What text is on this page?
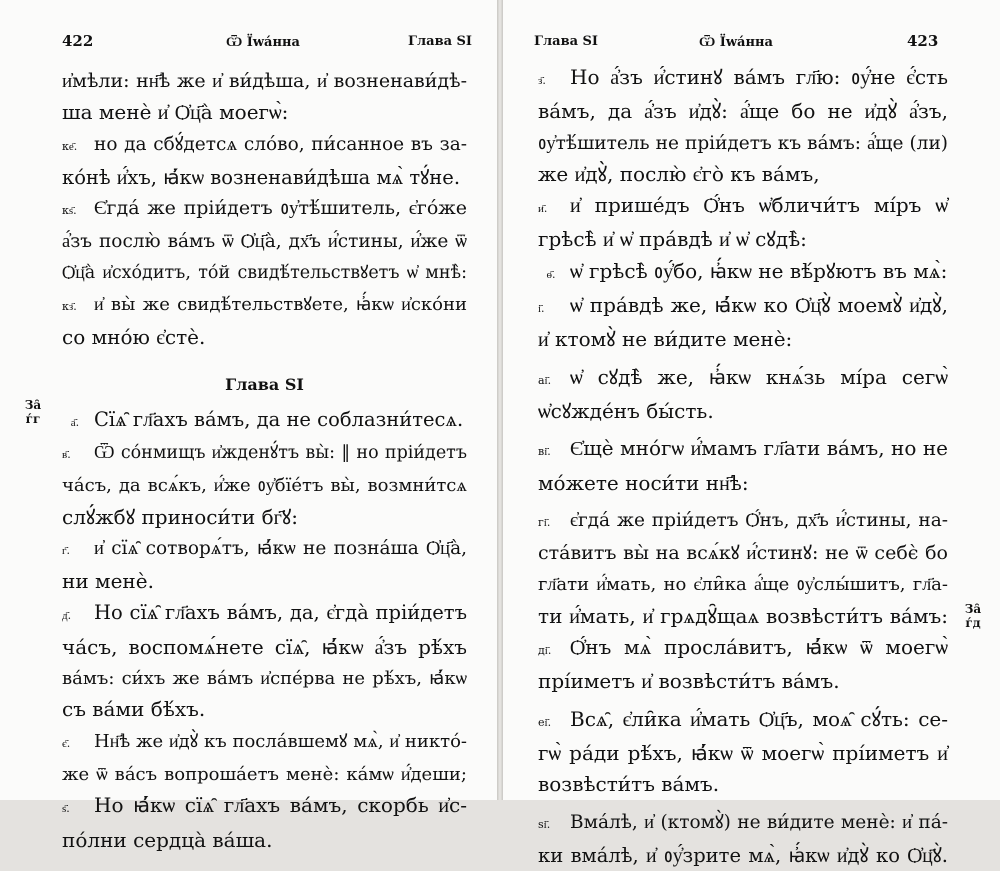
422	Ѿ Їwа́нна	Глава ЅІ
За̑
ѓг
и҆мѣли: нн҃ѣ же и҆ ви́дѣша, и҆ возненави́дѣ-
ша менѐ и҆ Ѻ҆ц҃а̀ моегѡ̀:
ке҃. но да сбꙋ́детсѧ сло́во, пи́санное въ за-
ко́нѣ и҆́хъ, ꙗ҆́кѡ возненави́дѣша мѧ̀ тꙋ́не.
кѕ҃. Є҆гда́ же пріи́детъ ᲂу҆тѣ́шитель, є҆го́же
а҆́зъ послю̀ ва́мъ ѿ Ѻ҆ц҃а̀, дх҃ъ и҆́стины, и҆́же ѿ
Ѻ҆ц҃а̀ и҆схо́дитъ, то́й свидѣ́тельствꙋетъ ѡ҆ мнѣ̀:
кз҃. и҆ вы̀ же свидѣ́тельствꙋете, ꙗ҆́кѡ и҆ско́ни
со мно́ю є҆стѐ.
Глава ЅІ
а҃. Сїѧ̑ гл҃ахъ ва́мъ, да не соблазни́тесѧ.
в҃. Ѿ со́нмищъ и҆жденꙋ́тъ вы̀: ‖ но пріи́детъ
ча́съ, да всѧ́къ, и҆́же ᲂу҆бїе́тъ вы̀, возмни́тсѧ
слꙋ́жбꙋ приноси́ти бг҃ꙋ:
г҃. и҆ сїѧ̑ сотворѧ́тъ, ꙗ҆́кѡ не позна́ша Ѻ҆ц҃а̀,
ни менѐ.
д҃. Но сїѧ̑ гл҃ахъ ва́мъ, да, є҆гда̀ пріи́детъ
ча́съ, воспомѧ́нете сїѧ̑, ꙗ҆́кѡ а҆́зъ рѣ́хъ
ва́мъ: си́хъ же ва́мъ и҆спе́рва не рѣ́хъ, ꙗ҆́кѡ
съ ва́ми бѣ́хъ.
є҃. Нн҃ѣ же и҆дꙋ̀ къ посла́вшемꙋ мѧ̀, и҆ никто́-
же ѿ ва́съ вопроша́етъ менѐ: ка́мѡ и҆́деши;
ѕ҃. Но ꙗ҆́кѡ сїѧ̑ гл҃ахъ ва́мъ, скорбь и҆с-
по́лни сердца̀ ва́ша.
Глава ЅІ	Ѿ Їwа́нна	423
За̑
ѓд
з҃. Но а҆́зъ и҆́стинꙋ ва́мъ гл҃ю: ᲂу҆́не є҆́сть
ва́мъ, да а҆́зъ и҆дꙋ̀: а҆́ще бо не и҆дꙋ̀ а҆́зъ,
ᲂу҆тѣ́шитель не пріи́детъ къ ва́мъ: а҆́ще (ли)
же и҆дꙋ̀, послю̀ є҆го̀ къ ва́мъ,
и҃. и҆ прише́дъ Ѻ҆́нъ ѡ҆бличи́тъ мі́ръ ѡ҆
грѣсѣ̀ и҆ ѡ҆ пра́вдѣ и҆ ѡ҆ сꙋдѣ̀:
ѳ҃. ѡ҆ грѣсѣ̀ ᲂу҆́бо, ꙗ҆́кѡ не вѣ́рꙋютъ въ мѧ̀:
і҃. ѡ҆ пра́вдѣ же, ꙗ҆́кѡ ко Ѻ҆ц҃ꙋ̀ моемꙋ̀ и҆дꙋ̀,
и҆ ктомꙋ̀ не ви́дите менѐ:
аі҃. ѡ҆ сꙋдѣ̀ же, ꙗ҆́кѡ кнѧ́зь мі́ра сегѡ̀
ѡ҆сꙋжде́нъ бы́сть.
ві҃. Є҆щѐ мно́гѡ и҆́мамъ гл҃ати ва́мъ, но не
мо́жете носи́ти нн҃ѣ:
гі҃. є҆гда́ же пріи́детъ Ѻ҆́нъ, дх҃ъ и҆́стины, на-
ста́витъ вы̀ на всѧ́кꙋ и҆́стинꙋ: не ѿ себє̀ бо
гл҃ати и҆́мать, но є҆ли̑ка а҆́ще ᲂу҆слы́шитъ, гл҃а-
ти и҆́мать, и҆ грѧдꙋ̑щаѧ возвѣсти́тъ ва́мъ:
ді҃. Ѻ҆́нъ мѧ̀ просла́витъ, ꙗ҆́кѡ ѿ моегѡ̀
прі́иметъ и҆ возвѣсти́тъ ва́мъ.
еі҃. Всѧ̑, є҆ли̑ка и҆́мать Ѻ҆ц҃ъ, моѧ̑ сꙋ́ть: се-
гѡ̀ ра́ди рѣ́хъ, ꙗ҆́кѡ ѿ моегѡ̀ прі́иметъ и҆
возвѣсти́тъ ва́мъ.
ѕі҃. Вма́лѣ, и҆ (ктомꙋ̀) не ви́дите менѐ: и҆ па́-
ки вма́лѣ, и҆ ᲂу҆́зрите мѧ̀, ꙗ҆́кѡ и҆дꙋ̀ ко Ѻ҆ц҃ꙋ̀.
